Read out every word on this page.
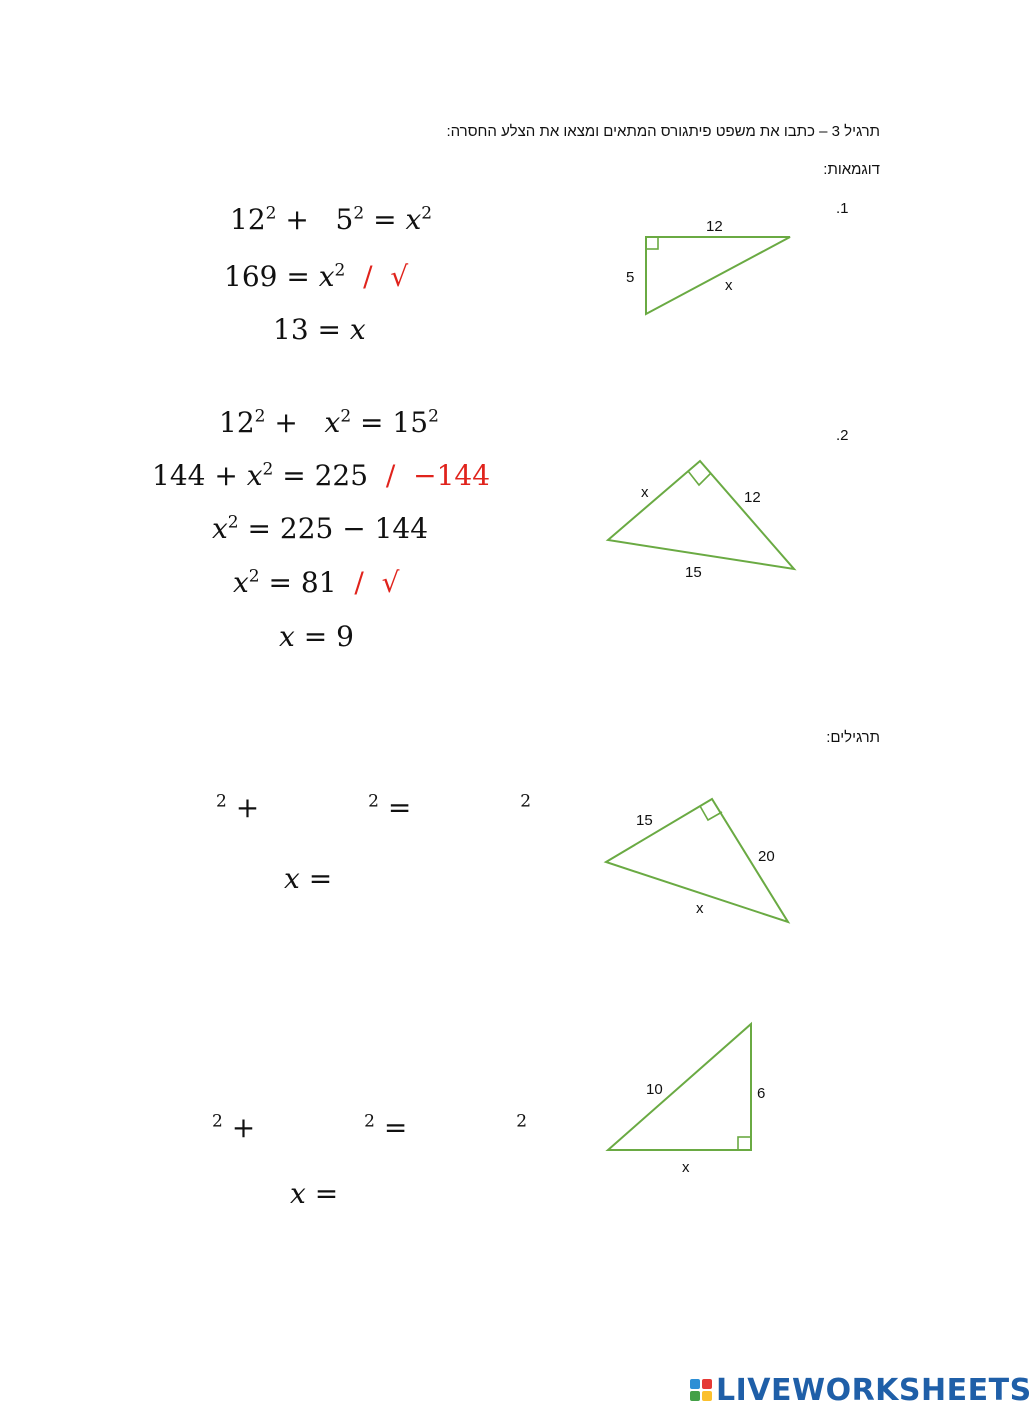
תרגיל 3 – כתבו את משפט פיתגורס המתאים ומצאו את הצלע החסרה:
דוגמאות:
.1
12
5	x
$12^2 + 5^2 = x^2$
$169 = x^2$ / √
13 = x
.2
x	12
15
$12^2 + x^2 = 15^2$
$144 + x^2 = 225 / -144$
$x^2 = 225 - 144$
$x^2 = 81$ / √
x = 9
תרגילים:
15
20
x
$^2$ +	$^2$ =	$^2$
x =
10	6
x
$^2$ +	$^2$ =	$^2$
x =
LIVEWORKSHEETS
